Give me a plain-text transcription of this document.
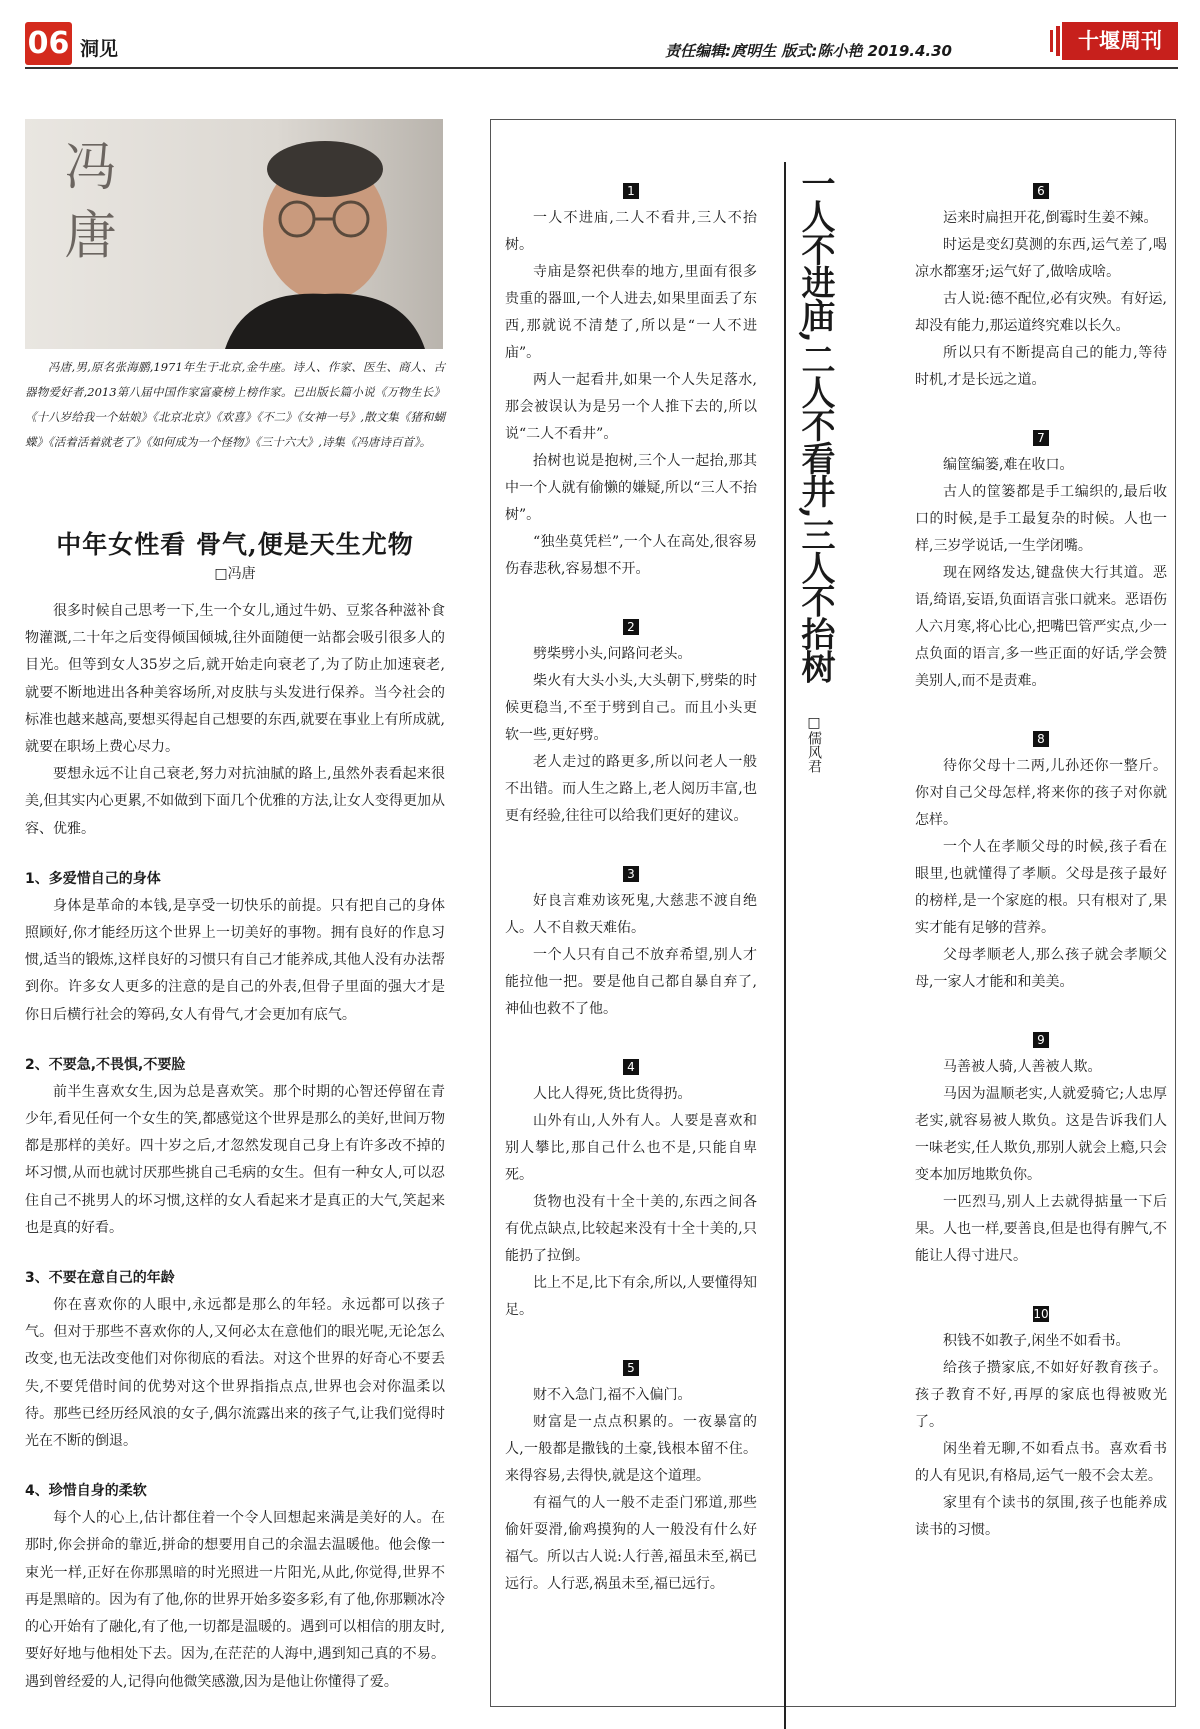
06 洞见	责任编辑:庹明生 版式:陈小艳 2019.4.30	十堰周刊
冯 唐
冯唐,男,原名张海鹏,1971年生于北京,金牛座。诗人、作家、医生、商人、古器物爱好者,2013第八届中国作家富豪榜上榜作家。已出版长篇小说《万物生长》《十八岁给我一个姑娘》《北京北京》《欢喜》《不二》《女神一号》,散文集《猪和蝴蝶》《活着活着就老了》《如何成为一个怪物》《三十六大》,诗集《冯唐诗百首》。
中年女性看 骨气,便是天生尤物
□冯唐

很多时候自己思考一下,生一个女儿,通过牛奶、豆浆各种滋补食物灌溉,二十年之后变得倾国倾城,往外面随便一站都会吸引很多人的目光。但等到女人35岁之后,就开始走向衰老了,为了防止加速衰老,就要不断地进出各种美容场所,对皮肤与头发进行保养。当今社会的标准也越来越高,要想买得起自己想要的东西,就要在事业上有所成就,就要在职场上费心尽力。

要想永远不让自己衰老,努力对抗油腻的路上,虽然外表看起来很美,但其实内心更累,不如做到下面几个优雅的方法,让女人变得更加从容、优雅。

1、多爱惜自己的身体

身体是革命的本钱,是享受一切快乐的前提。只有把自己的身体照顾好,你才能经历这个世界上一切美好的事物。拥有良好的作息习惯,适当的锻炼,这样良好的习惯只有自己才能养成,其他人没有办法帮到你。许多女人更多的注意的是自己的外表,但骨子里面的强大才是你日后横行社会的筹码,女人有骨气,才会更加有底气。

2、不要急,不畏惧,不要脸

前半生喜欢女生,因为总是喜欢笑。那个时期的心智还停留在青少年,看见任何一个女生的笑,都感觉这个世界是那么的美好,世间万物都是那样的美好。四十岁之后,才忽然发现自己身上有许多改不掉的坏习惯,从而也就讨厌那些挑自己毛病的女生。但有一种女人,可以忍住自己不挑男人的坏习惯,这样的女人看起来才是真正的大气,笑起来也是真的好看。

3、不要在意自己的年龄

你在喜欢你的人眼中,永远都是那么的年轻。永远都可以孩子气。但对于那些不喜欢你的人,又何必太在意他们的眼光呢,无论怎么改变,也无法改变他们对你彻底的看法。对这个世界的好奇心不要丢失,不要凭借时间的优势对这个世界指指点点,世界也会对你温柔以待。那些已经历经风浪的女子,偶尔流露出来的孩子气,让我们觉得时光在不断的倒退。

4、珍惜自身的柔软

每个人的心上,估计都住着一个令人回想起来满是美好的人。在那时,你会拼命的靠近,拼命的想要用自己的余温去温暖他。他会像一束光一样,正好在你那黑暗的时光照进一片阳光,从此,你觉得,世界不再是黑暗的。因为有了他,你的世界开始多姿多彩,有了他,你那颗冰冷的心开始有了融化,有了他,一切都是温暖的。遇到可以相信的朋友时,要好好地与他相处下去。因为,在茫茫的人海中,遇到知己真的不易。遇到曾经爱的人,记得向他微笑感激,因为是他让你懂得了爱。

1

一人不进庙,二人不看井,三人不抬树。

寺庙是祭祀供奉的地方,里面有很多贵重的器皿,一个人进去,如果里面丢了东西,那就说不清楚了,所以是“一人不进庙”。

两人一起看井,如果一个人失足落水,那会被误认为是另一个人推下去的,所以说“二人不看井”。

抬树也说是抱树,三个人一起抬,那其中一个人就有偷懒的嫌疑,所以“三人不抬树”。

“独坐莫凭栏”,一个人在高处,很容易伤春悲秋,容易想不开。

2

劈柴劈小头,问路问老头。

柴火有大头小头,大头朝下,劈柴的时候更稳当,不至于劈到自己。而且小头更软一些,更好劈。

老人走过的路更多,所以问老人一般不出错。而人生之路上,老人阅历丰富,也更有经验,往往可以给我们更好的建议。

3

好良言难劝该死鬼,大慈悲不渡自绝人。人不自救天难佑。

一个人只有自己不放弃希望,别人才能拉他一把。要是他自己都自暴自弃了,神仙也救不了他。

4

人比人得死,货比货得扔。

山外有山,人外有人。人要是喜欢和别人攀比,那自己什么也不是,只能自卑死。

货物也没有十全十美的,东西之间各有优点缺点,比较起来没有十全十美的,只能扔了拉倒。

比上不足,比下有余,所以,人要懂得知足。

5

财不入急门,福不入偏门。

财富是一点点积累的。一夜暴富的人,一般都是撒钱的土豪,钱根本留不住。来得容易,去得快,就是这个道理。

有福气的人一般不走歪门邪道,那些偷奸耍滑,偷鸡摸狗的人一般没有什么好福气。所以古人说:人行善,福虽未至,祸已远行。人行恶,祸虽未至,福已远行。

一人不进庙,二人不看井,三人不抬树
□儒风君
6

运来时扁担开花,倒霉时生姜不辣。

时运是变幻莫测的东西,运气差了,喝凉水都塞牙;运气好了,做啥成啥。

古人说:德不配位,必有灾殃。有好运,却没有能力,那运道终究难以长久。

所以只有不断提高自己的能力,等待时机,才是长远之道。

7

编筐编篓,难在收口。

古人的筐篓都是手工编织的,最后收口的时候,是手工最复杂的时候。人也一样,三岁学说话,一生学闭嘴。

现在网络发达,键盘侠大行其道。恶语,绮语,妄语,负面语言张口就来。恶语伤人六月寒,将心比心,把嘴巴管严实点,少一点负面的语言,多一些正面的好话,学会赞美别人,而不是责难。

8

待你父母十二两,儿孙还你一整斤。你对自己父母怎样,将来你的孩子对你就怎样。

一个人在孝顺父母的时候,孩子看在眼里,也就懂得了孝顺。父母是孩子最好的榜样,是一个家庭的根。只有根对了,果实才能有足够的营养。

父母孝顺老人,那么孩子就会孝顺父母,一家人才能和和美美。

9

马善被人骑,人善被人欺。

马因为温顺老实,人就爱骑它;人忠厚老实,就容易被人欺负。这是告诉我们人一味老实,任人欺负,那别人就会上瘾,只会变本加厉地欺负你。

一匹烈马,别人上去就得掂量一下后果。人也一样,要善良,但是也得有脾气,不能让人得寸进尺。

10

积钱不如教子,闲坐不如看书。

给孩子攒家底,不如好好教育孩子。孩子教育不好,再厚的家底也得被败光了。

闲坐着无聊,不如看点书。喜欢看书的人有见识,有格局,运气一般不会太差。

家里有个读书的氛围,孩子也能养成读书的习惯。
